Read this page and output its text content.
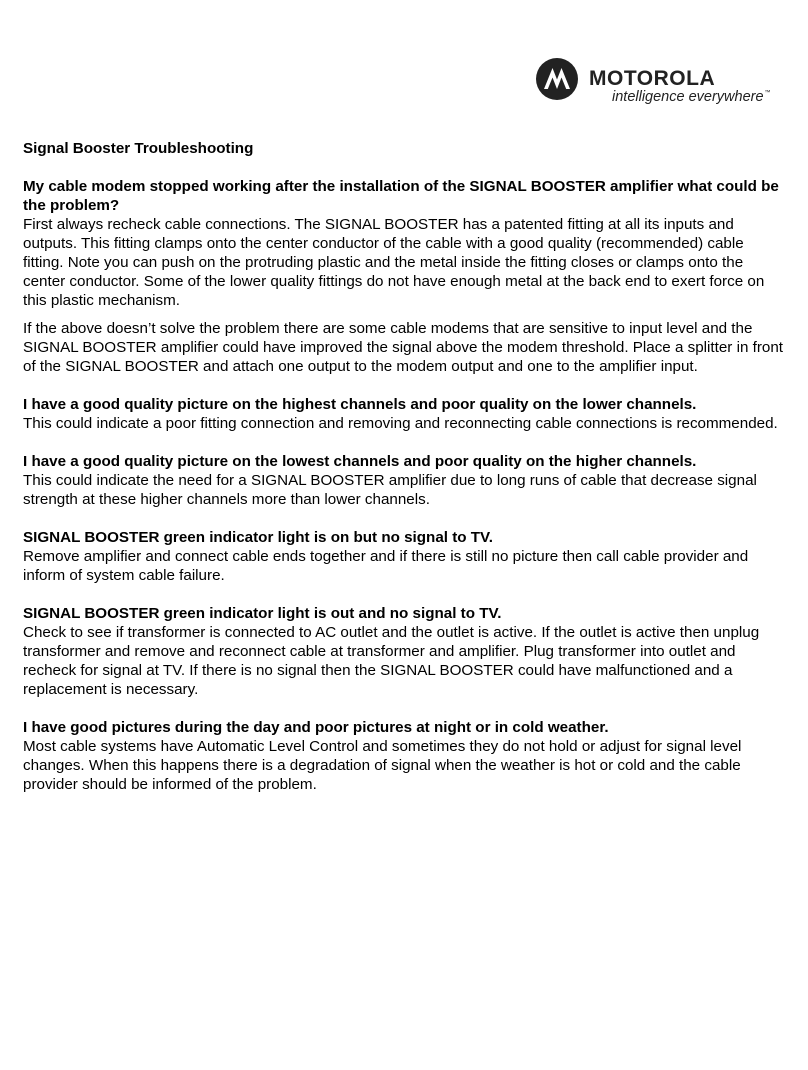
MOTOROLA
intelligence everywhere™
Signal Booster Troubleshooting
My cable modem stopped working after the installation of the SIGNAL BOOSTER amplifier what could be the problem?

First always recheck cable connections. The SIGNAL BOOSTER has a patented fitting at all its inputs and outputs. This fitting clamps onto the center conductor of the cable with a good quality (recommended) cable fitting. Note you can push on the protruding plastic and the metal inside the fitting closes or clamps onto the center conductor. Some of the lower quality fittings do not have enough metal at the back end to exert force on this plastic mechanism.

If the above doesn’t solve the problem there are some cable modems that are sensitive to input level and the SIGNAL BOOSTER amplifier could have improved the signal above the modem threshold. Place a splitter in front of the SIGNAL BOOSTER and attach one output to the modem output and one to the amplifier input.

I have a good quality picture on the highest channels and poor quality on the lower channels.

This could indicate a poor fitting connection and removing and reconnecting cable connections is recommended.

I have a good quality picture on the lowest channels and poor quality on the higher channels.

This could indicate the need for a SIGNAL BOOSTER amplifier due to long runs of cable that decrease signal strength at these higher channels more than lower channels.

SIGNAL BOOSTER green indicator light is on but no signal to TV.

Remove amplifier and connect cable ends together and if there is still no picture then call cable provider and inform of system cable failure.

SIGNAL BOOSTER green indicator light is out and no signal to TV.

Check to see if transformer is connected to AC outlet and the outlet is active. If the outlet is active then unplug transformer and remove and reconnect cable at transformer and amplifier. Plug transformer into outlet and recheck for signal at TV. If there is no signal then the SIGNAL BOOSTER could have malfunctioned and a replacement is necessary.

I have good pictures during the day and poor pictures at night or in cold weather.

Most cable systems have Automatic Level Control and sometimes they do not hold or adjust for signal level changes. When this happens there is a degradation of signal when the weather is hot or cold and the cable provider should be informed of the problem.
